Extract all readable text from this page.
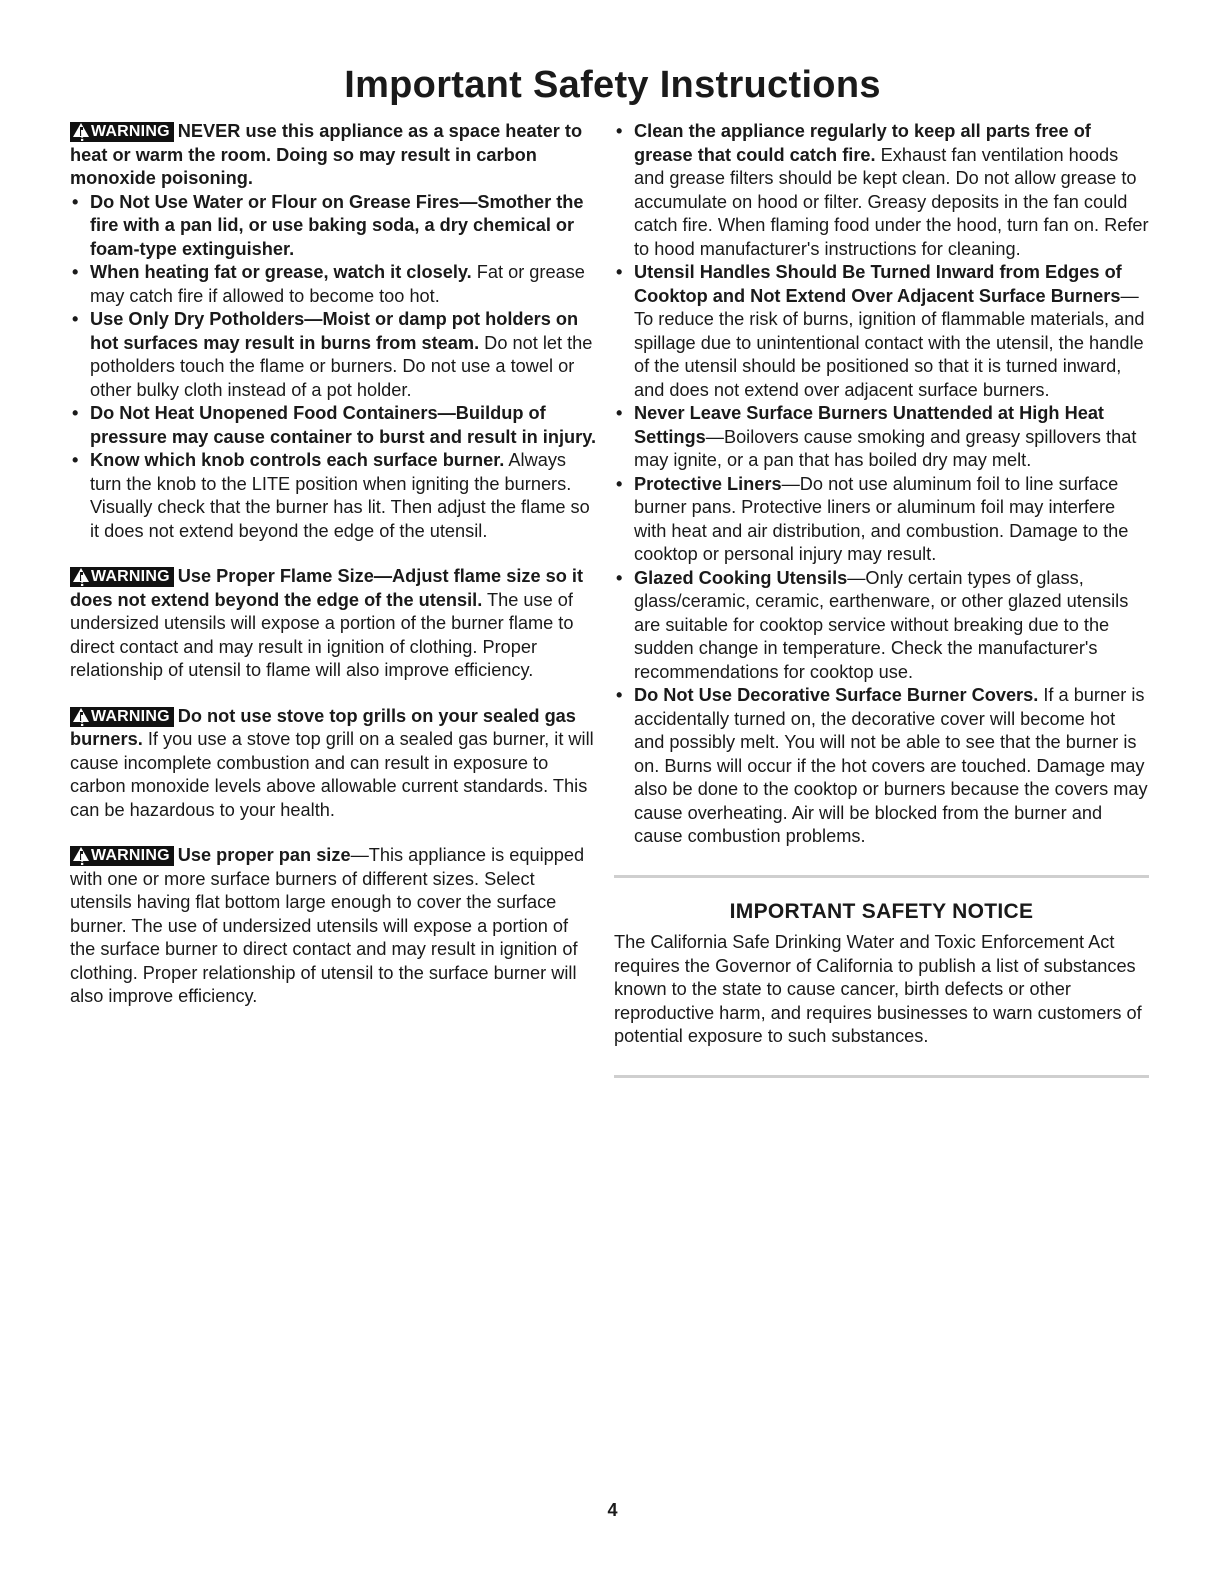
Important Safety Instructions

! WARNING NEVER use this appliance as a space heater to heat or warm the room. Doing so may result in carbon monoxide poisoning.

• Do Not Use Water or Flour on Grease Fires—Smother the fire with a pan lid, or use baking soda, a dry chemical or foam-type extinguisher.
• When heating fat or grease, watch it closely. Fat or grease may catch fire if allowed to become too hot.
• Use Only Dry Potholders—Moist or damp pot holders on hot surfaces may result in burns from steam. Do not let the potholders touch the flame or burners. Do not use a towel or other bulky cloth instead of a pot holder.
• Do Not Heat Unopened Food Containers—Buildup of pressure may cause container to burst and result in injury.
• Know which knob controls each surface burner. Always turn the knob to the LITE position when igniting the burners. Visually check that the burner has lit. Then adjust the flame so it does not extend beyond the edge of the utensil.

! WARNING Use Proper Flame Size—Adjust flame size so it does not extend beyond the edge of the utensil. The use of undersized utensils will expose a portion of the burner flame to direct contact and may result in ignition of clothing. Proper relationship of utensil to flame will also improve efficiency.

! WARNING Do not use stove top grills on your sealed gas burners. If you use a stove top grill on a sealed gas burner, it will cause incomplete combustion and can result in exposure to carbon monoxide levels above allowable current standards. This can be hazardous to your health.

! WARNING Use proper pan size—This appliance is equipped with one or more surface burners of different sizes. Select utensils having flat bottom large enough to cover the surface burner. The use of undersized utensils will expose a portion of the surface burner to direct contact and may result in ignition of clothing. Proper relationship of utensil to the surface burner will also improve efficiency.

• Clean the appliance regularly to keep all parts free of grease that could catch fire. Exhaust fan ventilation hoods and grease filters should be kept clean. Do not allow grease to accumulate on hood or filter. Greasy deposits in the fan could catch fire. When flaming food under the hood, turn fan on. Refer to hood manufacturer's instructions for cleaning.
• Utensil Handles Should Be Turned Inward from Edges of Cooktop and Not Extend Over Adjacent Surface Burners—To reduce the risk of burns, ignition of flammable materials, and spillage due to unintentional contact with the utensil, the handle of the utensil should be positioned so that it is turned inward, and does not extend over adjacent surface burners.
• Never Leave Surface Burners Unattended at High Heat Settings—Boilovers cause smoking and greasy spillovers that may ignite, or a pan that has boiled dry may melt.
• Protective Liners—Do not use aluminum foil to line surface burner pans. Protective liners or aluminum foil may interfere with heat and air distribution, and combustion. Damage to the cooktop or personal injury may result.
• Glazed Cooking Utensils—Only certain types of glass, glass/ceramic, ceramic, earthenware, or other glazed utensils are suitable for cooktop service without breaking due to the sudden change in temperature. Check the manufacturer's recommendations for cooktop use.
• Do Not Use Decorative Surface Burner Covers. If a burner is accidentally turned on, the decorative cover will become hot and possibly melt. You will not be able to see that the burner is on. Burns will occur if the hot covers are touched. Damage may also be done to the cooktop or burners because the covers may cause overheating. Air will be blocked from the burner and cause combustion problems.
IMPORTANT SAFETY NOTICE

The California Safe Drinking Water and Toxic Enforcement Act requires the Governor of California to publish a list of substances known to the state to cause cancer, birth defects or other reproductive harm, and requires businesses to warn customers of potential exposure to such substances.

4
